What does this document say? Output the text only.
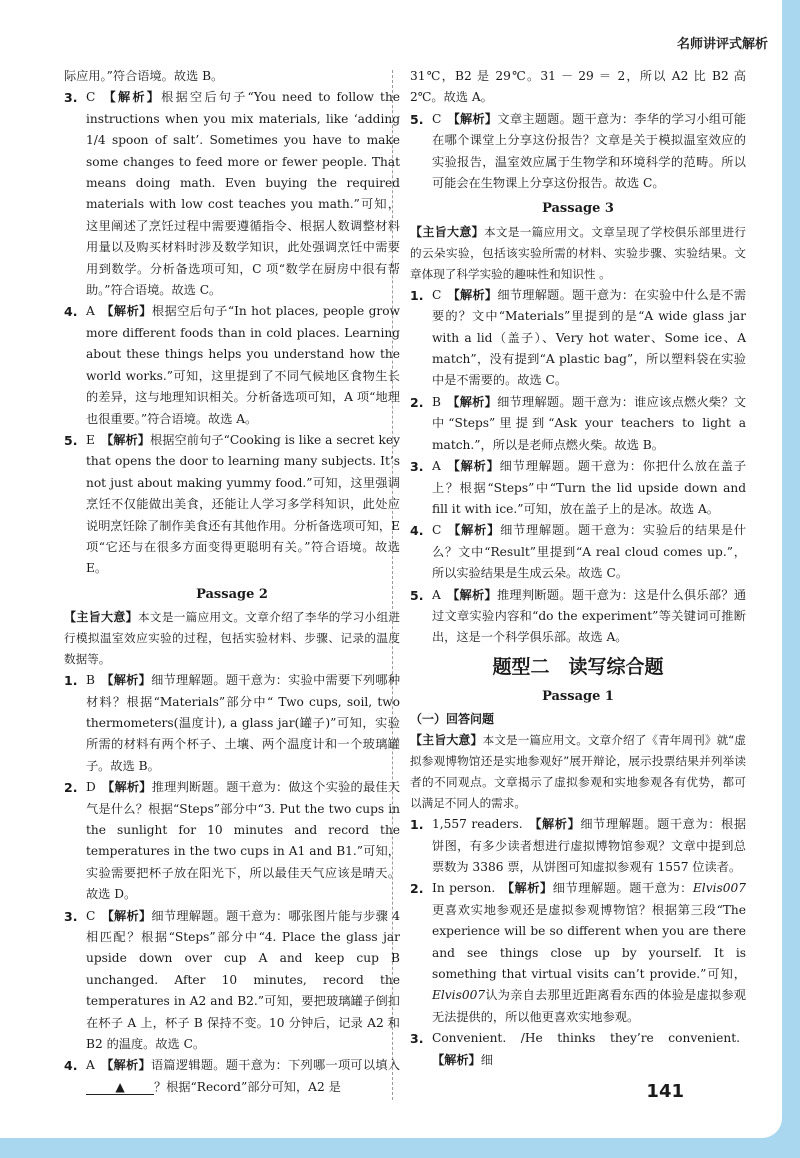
名师讲评式解析

际应用。”符合语境。故选 B。

3. C 【解析】根据空后句子“You need to follow the instructions when you mix materials, like ‘adding 1/4 spoon of salt’. Sometimes you have to make some changes to feed more or fewer people. That means doing math. Even buying the required materials with low cost teaches you math.”可知，这里阐述了烹饪过程中需要遵循指令、根据人数调整材料用量以及购买材料时涉及数学知识，此处强调烹饪中需要用到数学。分析备选项可知，C 项“数学在厨房中很有帮助。”符合语境。故选 C。
4. A 【解析】根据空后句子“In hot places, people grow more different foods than in cold places. Learning about these things helps you understand how the world works.”可知，这里提到了不同气候地区食物生长的差异，这与地理知识相关。分析备选项可知，A 项“地理也很重要。”符合语境。故选 A。
5. E 【解析】根据空前句子“Cooking is like a secret key that opens the door to learning many subjects. It’s not just about making yummy food.”可知，这里强调烹饪不仅能做出美食，还能让人学习多学科知识，此处应说明烹饪除了制作美食还有其他作用。分析备选项可知，E 项“它还与在很多方面变得更聪明有关。”符合语境。故选 E。
Passage 2

【主旨大意】本文是一篇应用文。文章介绍了李华的学习小组进行模拟温室效应实验的过程，包括实验材料、步骤、记录的温度数据等。

1. B 【解析】细节理解题。题干意为：实验中需要下列哪种材料？根据“Materials”部分中“ Two cups, soil, two thermometers(温度计), a glass jar(罐子)”可知，实验所需的材料有两个杯子、土壤、两个温度计和一个玻璃罐子。故选 B。
2. D 【解析】推理判断题。题干意为：做这个实验的最佳天气是什么？根据“Steps”部分中“3. Put the two cups in the sunlight for 10 minutes and record the temperatures in the two cups in A1 and B1.”可知，实验需要把杯子放在阳光下，所以最佳天气应该是晴天。故选 D。
3. C 【解析】细节理解题。题干意为：哪张图片能与步骤 4 相匹配？根据“Steps”部分中“4. Place the glass jar upside down over cup A and keep cup B unchanged. After 10 minutes, record the temperatures in A2 and B2.”可知，要把玻璃罐子倒扣在杯子 A 上，杯子 B 保持不变。10 分钟后，记录 A2 和 B2 的温度。故选 C。
4. A 【解析】语篇逻辑题。题干意为：下列哪一项可以填入▲ ？根据“Record”部分可知，A2 是

31℃，B2 是 29℃。31 － 29 ＝ 2，所以 A2 比 B2 高 2℃。故选 A。

5. C 【解析】文章主题题。题干意为：李华的学习小组可能在哪个课堂上分享这份报告？文章是关于模拟温室效应的实验报告，温室效应属于生物学和环境科学的范畴。所以可能会在生物课上分享这份报告。故选 C。
Passage 3

【主旨大意】本文是一篇应用文。文章呈现了学校俱乐部里进行的云朵实验，包括该实验所需的材料、实验步骤、实验结果。文章体现了科学实验的趣味性和知识性 。

1. C 【解析】细节理解题。题干意为：在实验中什么是不需要的？文中“Materials”里提到的是“A wide glass jar with a lid（盖子）、Very hot water、Some ice、A match”，没有提到“A plastic bag”，所以塑料袋在实验中是不需要的。故选 C。
2. B 【解析】细节理解题。题干意为：谁应该点燃火柴？文中“Steps”里提到“Ask your teachers to light a match.”，所以是老师点燃火柴。故选 B。
3. A 【解析】细节理解题。题干意为：你把什么放在盖子上？根据“Steps”中“Turn the lid upside down and fill it with ice.”可知，放在盖子上的是冰。故选 A。
4. C 【解析】细节理解题。题干意为：实验后的结果是什么？文中“Result”里提到“A real cloud comes up.”，所以实验结果是生成云朵。故选 C。
5. A 【解析】推理判断题。题干意为：这是什么俱乐部？通过文章实验内容和“do the experiment”等关键词可推断出，这是一个科学俱乐部。故选 A。
题型二　读写综合题
Passage 1
（一）回答问题

【主旨大意】本文是一篇应用文。文章介绍了《青年周刊》就“虚拟参观博物馆还是实地参观好”展开辩论，展示投票结果并列举读者的不同观点。文章揭示了虚拟参观和实地参观各有优势，都可以满足不同人的需求。

1. 1,557 readers. 【解析】细节理解题。题干意为：根据饼图，有多少读者想进行虚拟博物馆参观？文章中提到总票数为 3386 票，从饼图可知虚拟参观有 1557 位读者。
2. In person. 【解析】细节理解题。题干意为：Elvis007更喜欢实地参观还是虚拟参观博物馆？根据第三段“The experience will be so different when you are there and see things close up by yourself. It is something that virtual visits can’t provide.”可知，Elvis007认为亲自去那里近距离看东西的体验是虚拟参观无法提供的，所以他更喜欢实地参观。
3. Convenient. /He thinks they’re convenient.【解析】细
141
